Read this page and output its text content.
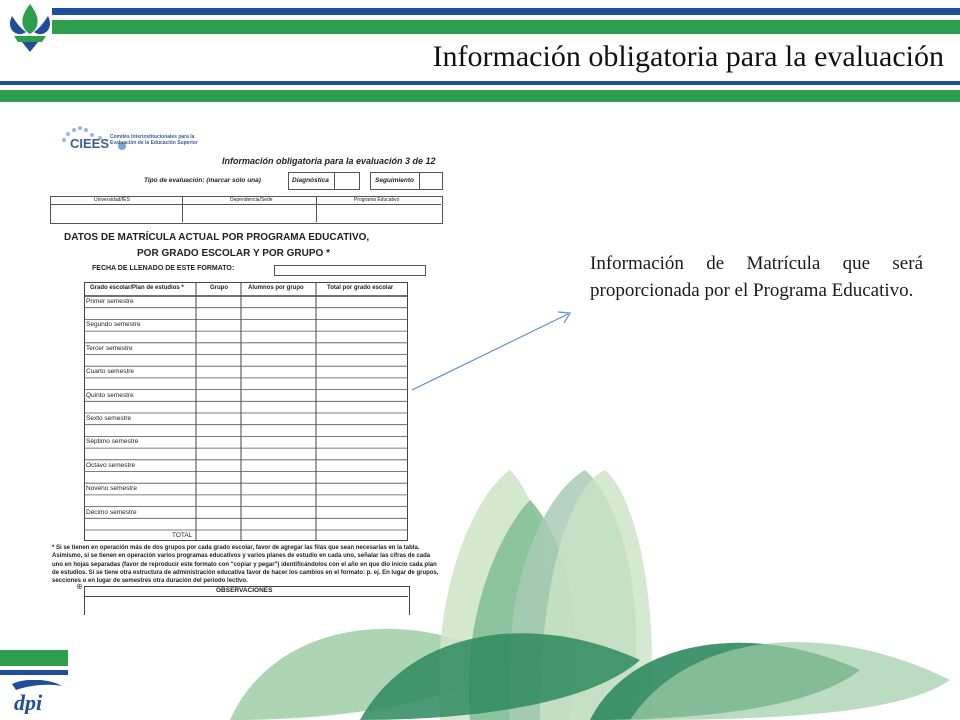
Información obligatoria para la evaluación
CIEES Comités Interinstitucionales para la
Evaluación de la Educación Superior
Información obligatoria para la evaluación 3 de 12
Tipo de evaluación: (marcar sólo una)	Diagnóstica	Seguimiento
Universidad/IES	Dependencia/Sede	Programa Educativo
DATOS DE MATRÍCULA ACTUAL POR PROGRAMA EDUCATIVO,
POR GRADO ESCOLAR Y POR GRUPO *
FECHA DE LLENADO DE ESTE FORMATO:
Grado escolar/Plan de estudios *	Grupo	Alumnos por grupo	Total por grado escolar
Primer semestre
Segundo semestre
Tercer semestre
Cuarto semestre
Quinto semestre
Sexto semestre
Séptimo semestre
Octavo semestre
Noveno semestre
Décimo semestre
TOTAL
* Si se tienen en operación más de dos grupos por cada grado escolar, favor de agregar las filas que sean necesarias en la tabla. Asimismo, si se tienen en operación varios programas educativos y varios planes de estudio en cada uno, señalar las cifras de cada uno en hojas separadas (favor de reproducir este formato con "copiar y pegar") identificándolos con el año en que dio inicio cada plan de estudios. Si se tiene otra estructura de administración educativa favor de hacer los cambios en el formato: p. ej. En lugar de grupos, secciones o en lugar de semestres otra duración del periodo lectivo.
⊕	OBSERVACIONES
Información de Matrícula que será proporcionada por el Programa Educativo.
dpi
